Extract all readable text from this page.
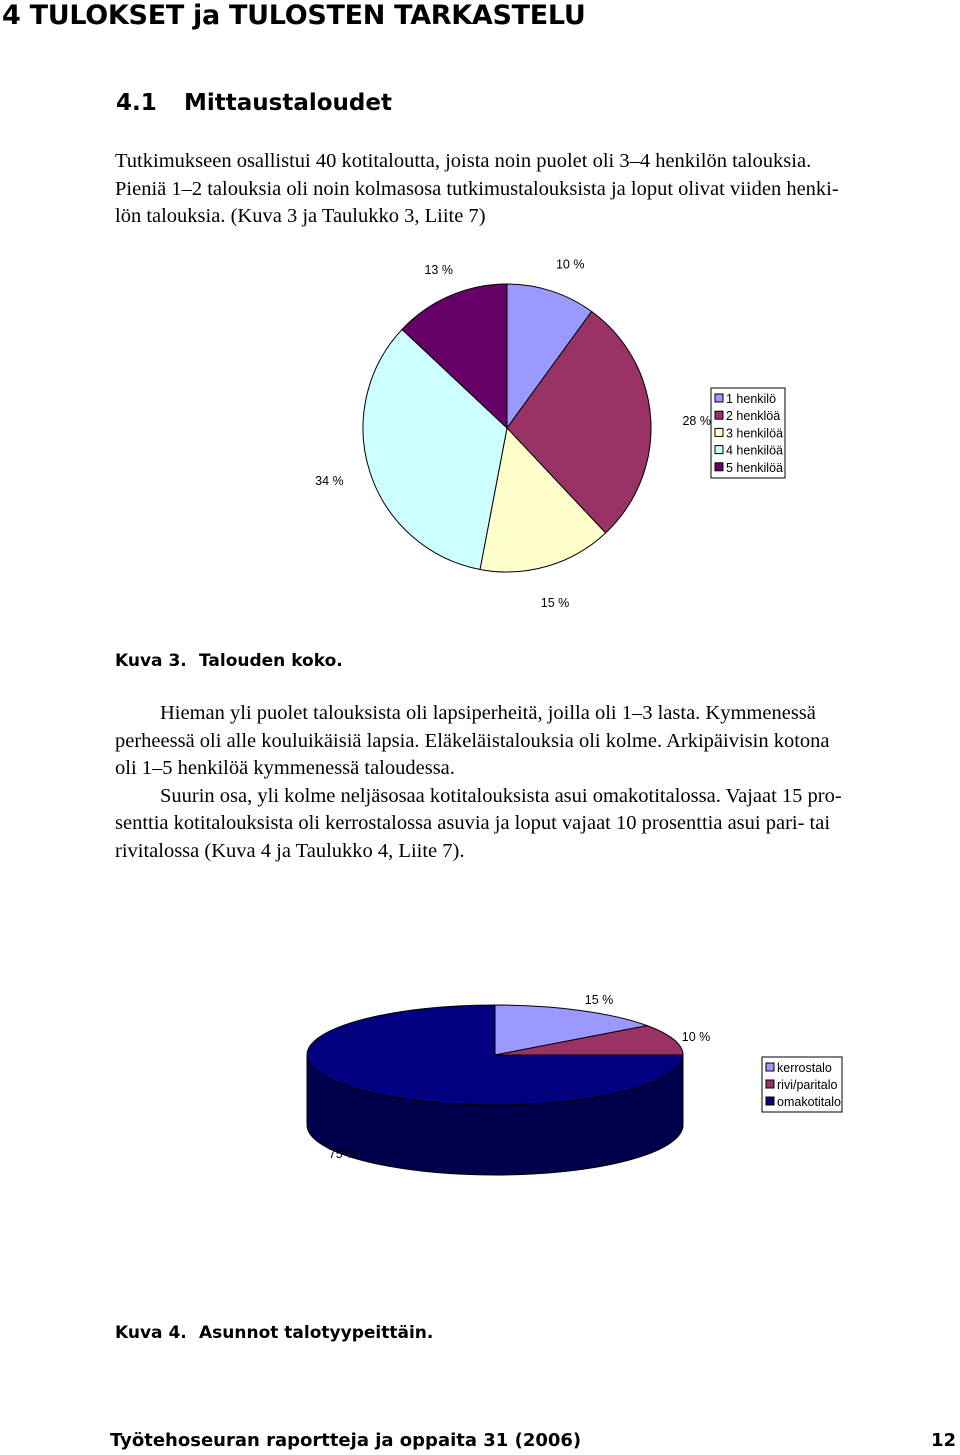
4 TULOKSET ja TULOSTEN TARKASTELU
4.1 Mittaustaloudet
Tutkimukseen osallistui 40 kotitaloutta, joista noin puolet oli 3–4 henkilön talouksia.
Pieniä 1–2 talouksia oli noin kolmasosa tutkimustalouksista ja loput olivat viiden henki-
lön talouksia. (Kuva 3 ja Taulukko 3, Liite 7)
10 %
28 %
15 %
34 %
13 %
1 henkilö
2 henklöä
3 henkilöä
4 henkilöä
5 henkilöä
Kuva 3. Talouden koko.
Hieman yli puolet talouksista oli lapsiperheitä, joilla oli 1–3 lasta. Kymmenessä
perheessä oli alle kouluikäisiä lapsia. Eläkeläistalouksia oli kolme. Arkipäivisin kotona
oli 1–5 henkilöä kymmenessä taloudessa.
Suurin osa, yli kolme neljäsosaa kotitalouksista asui omakotitalossa. Vajaat 15 pro-
senttia kotitalouksista oli kerrostalossa asuvia ja loput vajaat 10 prosenttia asui pari- tai
rivitalossa (Kuva 4 ja Taulukko 4, Liite 7).
15 %
10 %
75 %
kerrostalo
rivi/paritalo
omakotitalo
Kuva 4. Asunnot talotyypeittäin.
Työtehoseuran raportteja ja oppaita 31 (2006)	12
